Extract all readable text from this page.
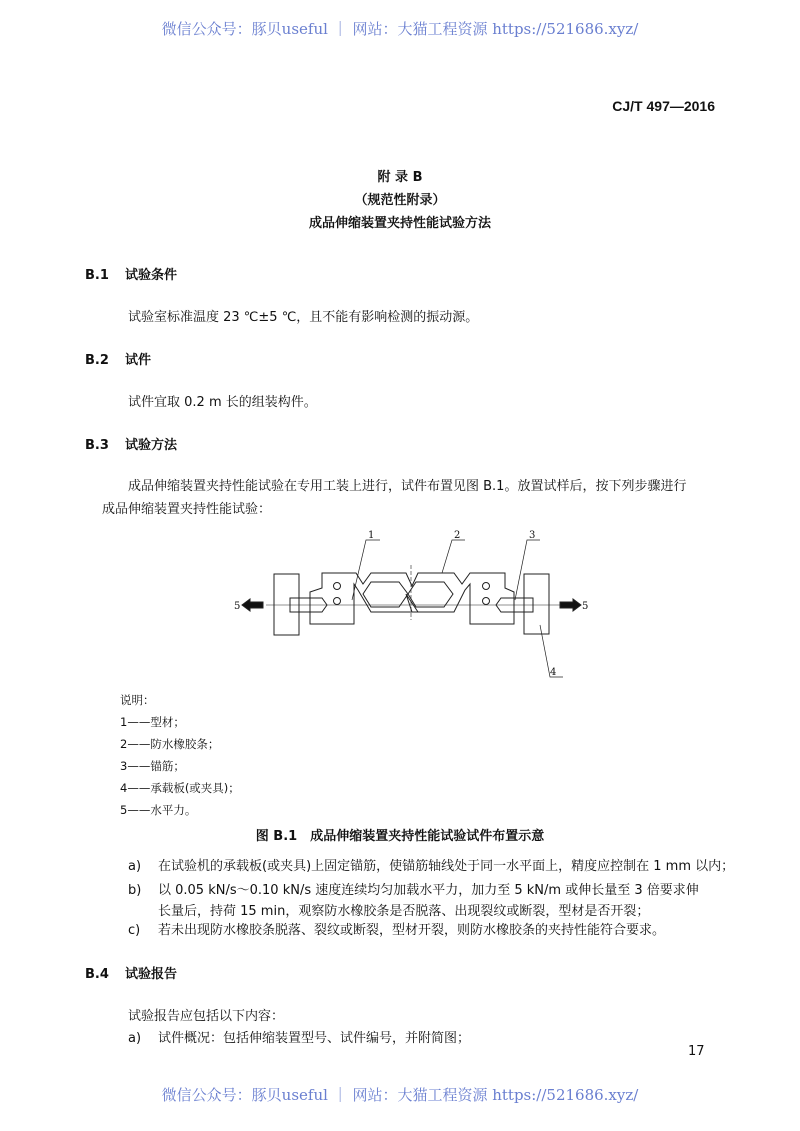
微信公众号：豚贝useful ｜ 网站：大猫工程资源 https://521686.xyz/
CJ/T 497—2016
附 录 B
（规范性附录）
成品伸缩装置夹持性能试验方法
B.1 试验条件
试验室标准温度 23 ℃±5 ℃，且不能有影响检测的振动源。
B.2 试件
试件宜取 0.2 m 长的组装构件。
B.3 试验方法
成品伸缩装置夹持性能试验在专用工装上进行，试件布置见图 B.1。放置试样后，按下列步骤进行
成品伸缩装置夹持性能试验：
1	2	3
4
5	5
说明：
1——型材；
2——防水橡胶条；
3——锚筋；
4——承载板(或夹具)；
5——水平力。
图 B.1　成品伸缩装置夹持性能试验试件布置示意
a) 在试验机的承载板(或夹具)上固定锚筋，使锚筋轴线处于同一水平面上，精度应控制在 1 mm 以内；
b) 以 0.05 kN/s～0.10 kN/s 速度连续均匀加载水平力，加力至 5 kN/m 或伸长量至 3 倍要求伸
长量后，持荷 15 min，观察防水橡胶条是否脱落、出现裂纹或断裂，型材是否开裂；
c) 若未出现防水橡胶条脱落、裂纹或断裂，型材开裂，则防水橡胶条的夹持性能符合要求。
B.4 试验报告
试验报告应包括以下内容：
a) 试件概况：包括伸缩装置型号、试件编号，并附简图；
17
微信公众号：豚贝useful ｜ 网站：大猫工程资源 https://521686.xyz/
